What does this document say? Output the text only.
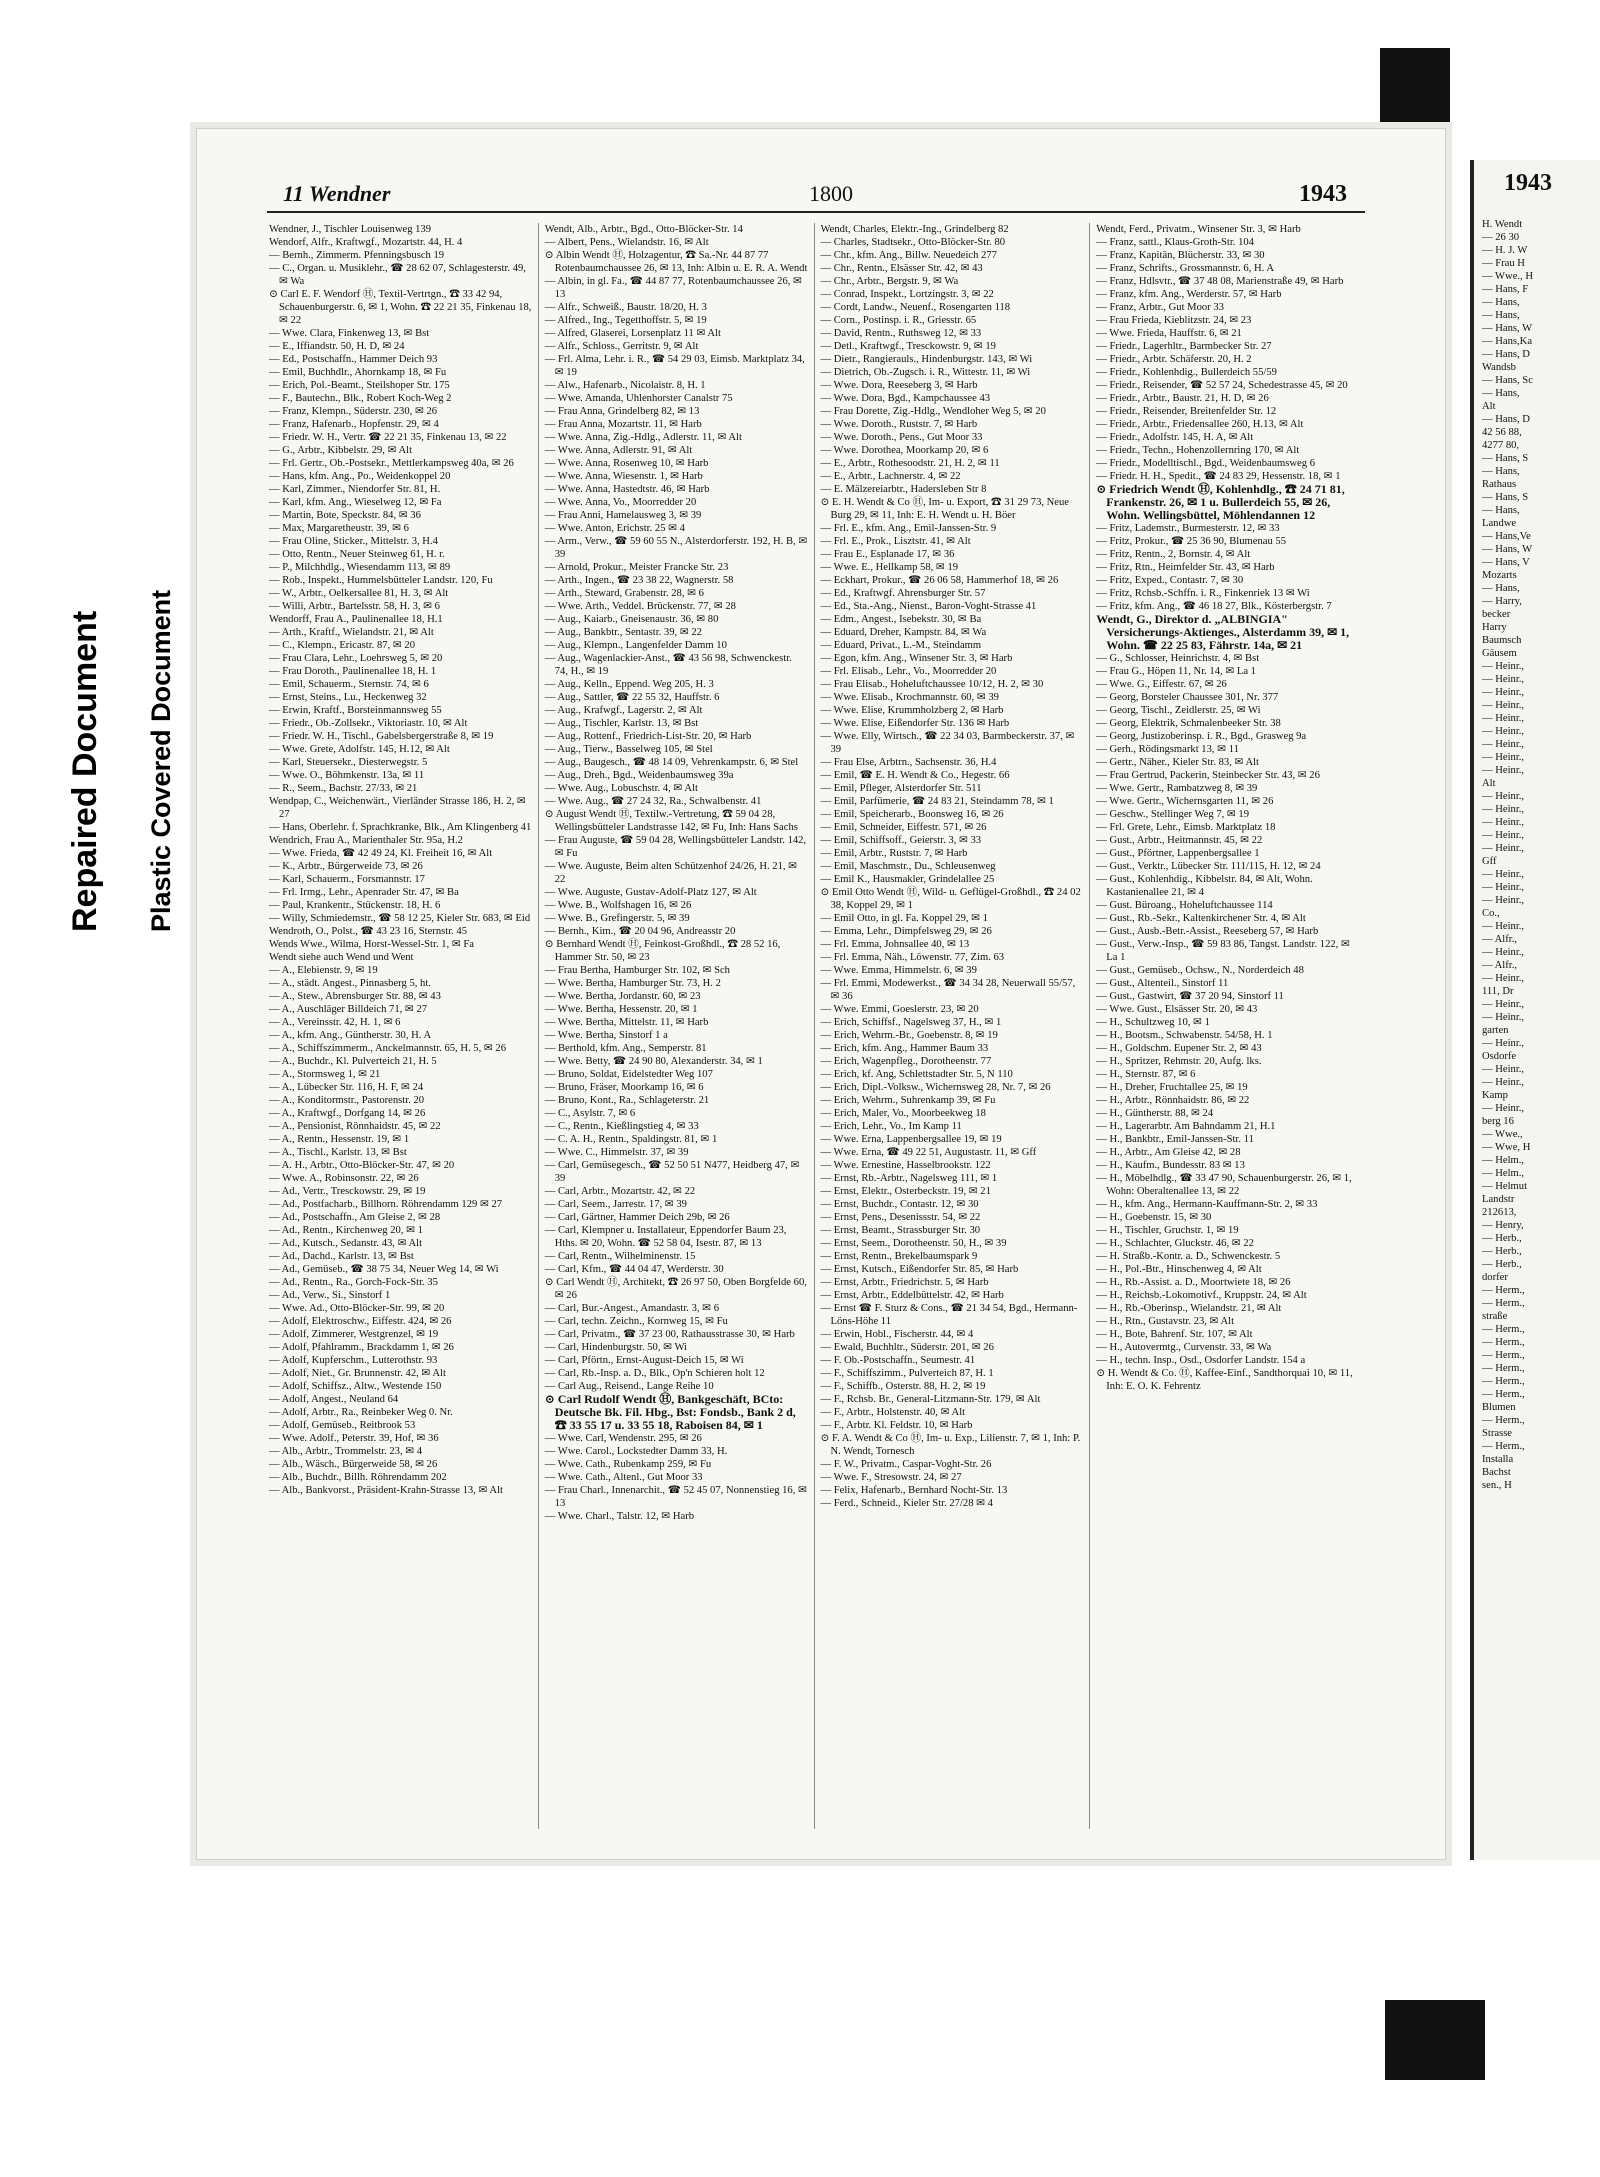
Repaired Document Plastic Covered Document
11 Wendner	1800	1943
Wendner, J., Tischler Louisenweg 139
Wendorf, Alfr., Kraftwgf., Mozartstr. 44, H. 4
— Bernh., Zimmerm. Pfenningsbusch 19
— C., Organ. u. Musiklehr., ☎ 28 62 07, Schlagesterstr. 49, ✉ Wa
⊙ Carl E. F. Wendorf Ⓗ, Textil-Vertrtgn., ☎ 33 42 94, Schauenburgerstr. 6, ✉ 1, Wohn. ☎ 22 21 35, Finkenau 18, ✉ 22
— Wwe. Clara, Finkenweg 13, ✉ Bst
— E., Iffiandstr. 50, H. D, ✉ 24
— Ed., Postschaffn., Hammer Deich 93
— Emil, Buchhdlr., Ahornkamp 18, ✉ Fu
— Erich, Pol.-Beamt., Steilshoper Str. 175
— F., Bautechn., Blk., Robert Koch-Weg 2
— Franz, Klempn., Süderstr. 230, ✉ 26
— Franz, Hafenarb., Hopfenstr. 29, ✉ 4
— Friedr. W. H., Vertr. ☎ 22 21 35, Finkenau 13, ✉ 22
— G., Arbtr., Kibbelstr. 29, ✉ Alt
— Frl. Gertr., Ob.-Postsekr., Mettlerkampsweg 40a, ✉ 26
— Hans, kfm. Ang., Po., Weidenkoppel 20
— Karl, Zimmer., Niendorfer Str. 81, H.
— Karl, kfm. Ang., Wieselweg 12, ✉ Fa
— Martin, Bote, Speckstr. 84, ✉ 36
— Max, Margaretheustr. 39, ✉ 6
— Frau Oline, Sticker., Mittelstr. 3, H.4
— Otto, Rentn., Neuer Steinweg 61, H. r.
— P., Milchhdlg., Wiesendamm 113, ✉ 89
— Rob., Inspekt., Hummelsbütteler Landstr. 120, Fu
— W., Arbtr., Oelkersallee 81, H. 3, ✉ Alt
— Willi, Arbtr., Bartelsstr. 58, H. 3, ✉ 6
Wendorff, Frau A., Paulinenallee 18, H.1
— Arth., Kraftf., Wielandstr. 21, ✉ Alt
— C., Klempn., Ericastr. 87, ✉ 20
— Frau Clara, Lehr., Loehrsweg 5, ✉ 20
— Frau Doroth., Paulinenallee 18, H. 1
— Emil, Schauerm., Sternstr. 74, ✉ 6
— Ernst, Steins., Lu., Heckenweg 32
— Erwin, Kraftf., Borsteinmannsweg 55
— Friedr., Ob.-Zollsekr., Viktoriastr. 10, ✉ Alt
— Friedr. W. H., Tischl., Gabelsbergerstraße 8, ✉ 19
— Wwe. Grete, Adolfstr. 145, H.12, ✉ Alt
— Karl, Steuersekr., Diesterwegstr. 5
— Wwe. O., Böhmkenstr. 13a, ✉ 11
— R., Seem., Bachstr. 27/33, ✉ 21
Wendpap, C., Weichenwärt., Vierländer Strasse 186, H. 2, ✉ 27
— Hans, Oberlehr. f. Sprachkranke, Blk., Am Klingenberg 41
Wendrich, Frau A., Marienthaler Str. 95a, H.2
— Wwe. Frieda, ☎ 42 49 24, Kl. Freiheit 16, ✉ Alt
— K., Arbtr., Bürgerweide 73, ✉ 26
— Karl, Schauerm., Forsmannstr. 17
— Frl. Irmg., Lehr., Apenrader Str. 47, ✉ Ba
— Paul, Krankentr., Stückenstr. 18, H. 6
— Willy, Schmiedemstr., ☎ 58 12 25, Kieler Str. 683, ✉ Eid
Wendroth, O., Polst., ☎ 43 23 16, Sternstr. 45
Wends Wwe., Wilma, Horst-Wessel-Str. 1, ✉ Fa
Wendt siehe auch Wend und Went
— A., Elebienstr. 9, ✉ 19
— A., städt. Angest., Pinnasberg 5, ht.
— A., Stew., Abrensburger Str. 88, ✉ 43
— A., Auschläger Billdeich 71, ✉ 27
— A., Vereinsstr. 42, H. 1, ✉ 6
— A., kfm. Ang., Güntherstr. 30, H. A
— A., Schiffszimmerm., Anckelmannstr. 65, H. 5, ✉ 26
— A., Buchdr., Kl. Pulverteich 21, H. 5
— A., Stormsweg 1, ✉ 21
— A., Lübecker Str. 116, H. F, ✉ 24
— A., Konditormstr., Pastorenstr. 20
— A., Kraftwgf., Dorfgang 14, ✉ 26
— A., Pensionist, Rönnhaidstr. 45, ✉ 22
— A., Rentn., Hessenstr. 19, ✉ 1
— A., Tischl., Karlstr. 13, ✉ Bst
— A. H., Arbtr., Otto-Blöcker-Str. 47, ✉ 20
— Wwe. A., Robinsonstr. 22, ✉ 26
— Ad., Vertr., Tresckowstr. 29, ✉ 19
— Ad., Postfacharb., Billhorn. Röhrendamm 129 ✉ 27
— Ad., Postschaffn., Am Gleise 2, ✉ 28
— Ad., Rentn., Kirchenweg 20, ✉ 1
— Ad., Kutsch., Sedanstr. 43, ✉ Alt
— Ad., Dachd., Karlstr. 13, ✉ Bst
— Ad., Gemüseb., ☎ 38 75 34, Neuer Weg 14, ✉ Wi
— Ad., Rentn., Ra., Gorch-Fock-Str. 35
— Ad., Verw., Si., Sinstorf 1
— Wwe. Ad., Otto-Blöcker-Str. 99, ✉ 20
— Adolf, Elektroschw., Eiffestr. 424, ✉ 26
— Adolf, Zimmerer, Westgrenzel, ✉ 19
— Adolf, Pfahlramm., Brackdamm 1, ✉ 26
— Adolf, Kupferschm., Lutterothstr. 93
— Adolf, Niet., Gr. Brunnenstr. 42, ✉ Alt
— Adolf, Schiffsz., Altw., Westende 150
— Adolf, Angest., Neuland 64
— Adolf, Arbtr., Ra., Reinbeker Weg 0. Nr.
— Adolf, Gemüseb., Reitbrook 53
— Wwe. Adolf., Peterstr. 39, Hof, ✉ 36
— Alb., Arbtr., Trommelstr. 23, ✉ 4
— Alb., Wäsch., Bürgerweide 58, ✉ 26
— Alb., Buchdr., Billh. Röhrendamm 202
— Alb., Bankvorst., Präsident-Krahn-Strasse 13, ✉ Alt
Wendt, Alb., Arbtr., Bgd., Otto-Blöcker-Str. 14
— Albert, Pens., Wielandstr. 16, ✉ Alt
⊙ Albin Wendt Ⓗ, Holzagentur, ☎ Sa.-Nr. 44 87 77 Rotenbaumchaussee 26, ✉ 13, Inh: Albin u. E. R. A. Wendt
— Albin, in gl. Fa., ☎ 44 87 77, Rotenbaumchaussee 26, ✉ 13
— Alfr., Schweiß., Baustr. 18/20, H. 3
— Alfred., Ing., Tegetthoffstr. 5, ✉ 19
— Alfred, Glaserei, Lorsenplatz 11 ✉ Alt
— Alfr., Schloss., Gerritstr. 9, ✉ Alt
— Frl. Alma, Lehr. i. R., ☎ 54 29 03, Eimsb. Marktplatz 34, ✉ 19
— Alw., Hafenarb., Nicolaistr. 8, H. 1
— Wwe. Amanda, Uhlenhorster Canalstr 75
— Frau Anna, Grindelberg 82, ✉ 13
— Frau Anna, Mozartstr. 11, ✉ Harb
— Wwe. Anna, Zig.-Hdlg., Adlerstr. 11, ✉ Alt
— Wwe. Anna, Adlerstr. 91, ✉ Alt
— Wwe. Anna, Rosenweg 10, ✉ Harb
— Wwe. Anna, Wiesenstr. 1, ✉ Harb
— Wwe. Anna, Hastedtstr. 46, ✉ Harb
— Wwe. Anna, Vo., Moorredder 20
— Frau Anni, Hamelausweg 3, ✉ 39
— Wwe. Anton, Erichstr. 25 ✉ 4
— Arm., Verw., ☎ 59 60 55 N., Alsterdorferstr. 192, H. B, ✉ 39
— Arnold, Prokur., Meister Francke Str. 23
— Arth., Ingen., ☎ 23 38 22, Wagnerstr. 58
— Arth., Steward, Grabenstr. 28, ✉ 6
— Wwe. Arth., Veddel. Brückenstr. 77, ✉ 28
— Aug., Kaiarb., Gneisenaustr. 36, ✉ 80
— Aug., Bankbtr., Sentastr. 39, ✉ 22
— Aug., Klempn., Langenfelder Damm 10
— Aug., Wagenlackier-Anst., ☎ 43 56 98, Schwenckestr. 74, H., ✉ 19
— Aug., Kelln., Eppend. Weg 205, H. 3
— Aug., Sattler, ☎ 22 55 32, Hauffstr. 6
— Aug., Krafwgf., Lagerstr. 2, ✉ Alt
— Aug., Tischler, Karlstr. 13, ✉ Bst
— Aug., Rottenf., Friedrich-List-Str. 20, ✉ Harb
— Aug., Tierw., Basselweg 105, ✉ Stel
— Aug., Baugesch., ☎ 48 14 09, Vehrenkampstr. 6, ✉ Stel
— Aug., Dreh., Bgd., Weidenbaumsweg 39a
— Wwe. Aug., Lobuschstr. 4, ✉ Alt
— Wwe. Aug., ☎ 27 24 32, Ra., Schwalbenstr. 41
⊙ August Wendt Ⓗ, Textilw.-Vertretung, ☎ 59 04 28, Wellingsbütteler Landstrasse 142, ✉ Fu, Inh: Hans Sachs
— Frau Auguste, ☎ 59 04 28, Wellingsbütteler Landstr. 142, ✉ Fu
— Wwe. Auguste, Beim alten Schützenhof 24/26, H. 21, ✉ 22
— Wwe. Auguste, Gustav-Adolf-Platz 127, ✉ Alt
— Wwe. B., Wolfshagen 16, ✉ 26
— Wwe. B., Grefingerstr. 5, ✉ 39
— Bernh., Kim., ☎ 20 04 96, Andreasstr 20
⊙ Bernhard Wendt Ⓗ, Feinkost-Großhdl., ☎ 28 52 16, Hammer Str. 50, ✉ 23
— Frau Bertha, Hamburger Str. 102, ✉ Sch
— Wwe. Bertha, Hamburger Str. 73, H. 2
— Wwe. Bertha, Jordanstr. 60, ✉ 23
— Wwe. Bertha, Hessenstr. 20, ✉ 1
— Wwe. Bertha, Mittelstr. 11, ✉ Harb
— Wwe. Bertha, Sinstorf 1 a
— Berthold, kfm. Ang., Semperstr. 81
— Wwe. Betty, ☎ 24 90 80, Alexanderstr. 34, ✉ 1
— Bruno, Soldat, Eidelstedter Weg 107
— Bruno, Fräser, Moorkamp 16, ✉ 6
— Bruno, Kont., Ra., Schlageterstr. 21
— C., Asylstr. 7, ✉ 6
— C., Rentn., Kießlingstieg 4, ✉ 33
— C. A. H., Rentn., Spaldingstr. 81, ✉ 1
— Wwe. C., Himmelstr. 37, ✉ 39
— Carl, Gemüsegesch., ☎ 52 50 51 N477, Heidberg 47, ✉ 39
— Carl, Arbtr., Mozartstr. 42, ✉ 22
— Carl, Seem., Jarrestr. 17, ✉ 39
— Carl, Gärtner, Hammer Deich 29b, ✉ 26
— Carl, Klempner u. Installateur, Eppendorfer Baum 23, Hths. ✉ 20, Wohn. ☎ 52 58 04, Isestr. 87, ✉ 13
— Carl, Rentn., Wilhelminenstr. 15
— Carl, Kfm., ☎ 44 04 47, Werderstr. 30
⊙ Carl Wendt Ⓗ, Architekt, ☎ 26 97 50, Oben Borgfelde 60, ✉ 26
— Carl, Bur.-Angest., Amandastr. 3, ✉ 6
— Carl, techn. Zeichn., Kornweg 15, ✉ Fu
— Carl, Privatm., ☎ 37 23 00, Rathausstrasse 30, ✉ Harb
— Carl, Hindenburgstr. 50, ✉ Wi
— Carl, Pförtn., Ernst-August-Deich 15, ✉ Wi
— Carl, Rb.-Insp. a. D., Blk., Op'n Schieren holt 12
— Carl Aug., Reisend., Lange Reihe 10
⊙ Carl Rudolf Wendt Ⓗ, Bankgeschäft, BCto: Deutsche Bk. Fil. Hbg., Bst: Fondsb., Bank 2 d, ☎ 33 55 17 u. 33 55 18, Raboisen 84, ✉ 1
— Wwe. Carl, Wendenstr. 295, ✉ 26
— Wwe. Carol., Lockstedter Damm 33, H.
— Wwe. Cath., Rubenkamp 259, ✉ Fu
— Wwe. Cath., Altenl., Gut Moor 33
— Frau Charl., Innenarchit., ☎ 52 45 07, Nonnenstieg 16, ✉ 13
— Wwe. Charl., Talstr. 12, ✉ Harb
Wendt, Charles, Elektr.-Ing., Grindelberg 82
— Charles, Stadtsekr., Otto-Blöcker-Str. 80
— Chr., kfm. Ang., Billw. Neuedeich 277
— Chr., Rentn., Elsässer Str. 42, ✉ 43
— Chr., Arbtr., Bergstr. 9, ✉ Wa
— Conrad, Inspekt., Lortzingstr. 3, ✉ 22
— Cordt, Landw., Neuenf., Rosengarten 118
— Corn., Postinsp. i. R., Griesstr. 65
— David, Rentn., Ruthsweg 12, ✉ 33
— Detl., Kraftwgf., Tresckowstr. 9, ✉ 19
— Dietr., Rangierauls., Hindenburgstr. 143, ✉ Wi
— Dietrich, Ob.-Zugsch. i. R., Wittestr. 11, ✉ Wi
— Wwe. Dora, Reeseberg 3, ✉ Harb
— Wwe. Dora, Bgd., Kampchaussee 43
— Frau Dorette, Zig.-Hdlg., Wendloher Weg 5, ✉ 20
— Wwe. Doroth., Ruststr. 7, ✉ Harb
— Wwe. Doroth., Pens., Gut Moor 33
— Wwe. Dorothea, Moorkamp 20, ✉ 6
— E., Arbtr., Rothesoodstr. 21, H. 2, ✉ 11
— E., Arbtr., Lachnerstr. 4, ✉ 22
— E. Mälzereiarbtr., Hadersleben Str 8
⊙ E. H. Wendt & Co Ⓗ, Im- u. Export, ☎ 31 29 73, Neue Burg 29, ✉ 11, Inh: E. H. Wendt u. H. Böer
— Frl. E., kfm. Ang., Emil-Janssen-Str. 9
— Frl. E., Prok., Lisztstr. 41, ✉ Alt
— Frau E., Esplanade 17, ✉ 36
— Wwe. E., Hellkamp 58, ✉ 19
— Eckhart, Prokur., ☎ 26 06 58, Hammerhof 18, ✉ 26
— Ed., Kraftwgf. Ahrensburger Str. 57
— Ed., Sta.-Ang., Nienst., Baron-Voght-Strasse 41
— Edm., Angest., Isebekstr. 30, ✉ Ba
— Eduard, Dreher, Kampstr. 84, ✉ Wa
— Eduard, Privat., L.-M., Steindamm
— Egon, kfm. Ang., Winsener Str. 3, ✉ Harb
— Frl. Elisab., Lehr., Vo., Moorredder 20
— Frau Elisab., Hoheluftchaussee 10/12, H. 2, ✉ 30
— Wwe. Elisab., Krochmannstr. 60, ✉ 39
— Wwe. Elise, Krummholzberg 2, ✉ Harb
— Wwe. Elise, Eißendorfer Str. 136 ✉ Harb
— Wwe. Elly, Wirtsch., ☎ 22 34 03, Barmbeckerstr. 37, ✉ 39
— Frau Else, Arbtrn., Sachsenstr. 36, H.4
— Emil, ☎ E. H. Wendt & Co., Hegestr. 66
— Emil, Pfleger, Alsterdorfer Str. 511
— Emil, Parfümerie, ☎ 24 83 21, Steindamm 78, ✉ 1
— Emil, Speicherarb., Boonsweg 16, ✉ 26
— Emil, Schneider, Eiffestr. 571, ✉ 26
— Emil, Schiffsoff., Geierstr. 3, ✉ 33
— Emil, Arbtr., Ruststr. 7, ✉ Harb
— Emil, Maschmstr., Du., Schleusenweg
— Emil K., Hausmakler, Grindelallee 25
⊙ Emil Otto Wendt Ⓗ, Wild- u. Geflügel-Großhdl., ☎ 24 02 38, Koppel 29, ✉ 1
— Emil Otto, in gl. Fa. Koppel 29, ✉ 1
— Emma, Lehr., Dimpfelsweg 29, ✉ 26
— Frl. Emma, Johnsallee 40, ✉ 13
— Frl. Emma, Näh., Löwenstr. 77, Zim. 63
— Wwe. Emma, Himmelstr. 6, ✉ 39
— Frl. Emmi, Modewerkst., ☎ 34 34 28, Neuerwall 55/57, ✉ 36
— Wwe. Emmi, Goeslerstr. 23, ✉ 20
— Erich, Schiffsf., Nagelsweg 37, H., ✉ 1
— Erich, Wehrm.-Br., Goebenstr. 8, ✉ 19
— Erich, kfm. Ang., Hammer Baum 33
— Erich, Wagenpfleg., Dorotheenstr. 77
— Erich, kf. Ang, Schlettstadter Str. 5, N 110
— Erich, Dipl.-Volksw., Wichernsweg 28, Nr. 7, ✉ 26
— Erich, Wehrm., Suhrenkamp 39, ✉ Fu
— Erich, Maler, Vo., Moorbeekweg 18
— Erich, Lehr., Vo., Im Kamp 11
— Wwe. Erna, Lappenbergsallee 19, ✉ 19
— Wwe. Erna, ☎ 49 22 51, Augustastr. 11, ✉ Gff
— Wwe. Ernestine, Hasselbrookstr. 122
— Ernst, Rb.-Arbtr., Nagelsweg 111, ✉ 1
— Ernst, Elektr., Osterbeckstr. 19, ✉ 21
— Ernst, Buchdr., Contastr. 12, ✉ 30
— Ernst, Pens., Desenissstr. 54, ✉ 22
— Ernst, Beamt., Strassburger Str. 30
— Ernst, Seem., Dorotheenstr. 50, H., ✉ 39
— Ernst, Rentn., Brekelbaumspark 9
— Ernst, Kutsch., Eißendorfer Str. 85, ✉ Harb
— Ernst, Arbtr., Friedrichstr. 5, ✉ Harb
— Ernst, Arbtr., Eddelbüttelstr. 42, ✉ Harb
— Ernst ☎ F. Sturz & Cons., ☎ 21 34 54, Bgd., Hermann-Löns-Höhe 11
— Erwin, Hobl., Fischerstr. 44, ✉ 4
— Ewald, Buchhltr., Süderstr. 201, ✉ 26
— F. Ob.-Postschaffn., Seumestr. 41
— F., Schiffszimm., Pulverteich 87, H. 1
— F., Schiffb., Osterstr. 88, H. 2, ✉ 19
— F., Rchsb. Br., General-Litzmann-Str. 179, ✉ Alt
— F., Arbtr., Holstenstr. 40, ✉ Alt
— F., Arbtr. Kl. Feldstr. 10, ✉ Harb
⊙ F. A. Wendt & Co Ⓗ, Im- u. Exp., Lilienstr. 7, ✉ 1, Inh: P. N. Wendt, Tornesch
— F. W., Privatm., Caspar-Voght-Str. 26
— Wwe. F., Stresowstr. 24, ✉ 27
— Felix, Hafenarb., Bernhard Nocht-Str. 13
— Ferd., Schneid., Kieler Str. 27/28 ✉ 4
Wendt, Ferd., Privatm., Winsener Str. 3, ✉ Harb
— Franz, sattl., Klaus-Groth-Str. 104
— Franz, Kapitän, Blücherstr. 33, ✉ 30
— Franz, Schrifts., Grossmannstr. 6, H. A
— Franz, Hdlsvtr., ☎ 37 48 08, Marienstraße 49, ✉ Harb
— Franz, kfm. Ang., Werderstr. 57, ✉ Harb
— Franz, Arbtr., Gut Moor 33
— Frau Frieda, Kieblitzstr. 24, ✉ 23
— Wwe. Frieda, Hauffstr. 6, ✉ 21
— Friedr., Lagerhltr., Barmbecker Str. 27
— Friedr., Arbtr. Schäferstr. 20, H. 2
— Friedr., Kohlenhdig., Bullerdeich 55/59
— Friedr., Reisender, ☎ 52 57 24, Schedestrasse 45, ✉ 20
— Friedr., Arbtr., Baustr. 21, H. D, ✉ 26
— Friedr., Reisender, Breitenfelder Str. 12
— Friedr., Arbtr., Friedensallee 260, H.13, ✉ Alt
— Friedr., Adolfstr. 145, H. A, ✉ Alt
— Friedr., Techn., Hohenzollernring 170, ✉ Alt
— Friedr., Modelltischl., Bgd., Weidenbaumsweg 6
— Friedr. H. H., Spedit., ☎ 24 83 29, Hessenstr. 18, ✉ 1
⊙ Friedrich Wendt Ⓗ, Kohlenhdlg., ☎ 24 71 81, Frankenstr. 26, ✉ 1 u. Bullerdeich 55, ✉ 26, Wohn. Wellingsbüttel, Möhlendannen 12
— Fritz, Lademstr., Burmesterstr. 12, ✉ 33
— Fritz, Prokur., ☎ 25 36 90, Blumenau 55
— Fritz, Rentn., 2, Bornstr. 4, ✉ Alt
— Fritz, Rtn., Heimfelder Str. 43, ✉ Harb
— Fritz, Exped., Contastr. 7, ✉ 30
— Fritz, Rchsb.-Schffn. i. R., Finkenriek 13 ✉ Wi
— Fritz, kfm. Ang., ☎ 46 18 27, Blk., Kösterbergstr. 7
Wendt, G., Direktor d. „ALBINGIA" Versicherungs-Aktienges., Alsterdamm 39, ✉ 1, Wohn. ☎ 22 25 83, Fährstr. 14a, ✉ 21
— G., Schlosser, Heinrichstr. 4, ✉ Bst
— Frau G., Höpen 11, Nr. 14, ✉ La 1
— Wwe. G., Eiffestr. 67, ✉ 26
— Georg, Borsteler Chaussee 301, Nr. 377
— Georg, Tischl., Zeidlerstr. 25, ✉ Wi
— Georg, Elektrik, Schmalenbeeker Str. 38
— Georg, Justizoberinsp. i. R., Bgd., Grasweg 9a
— Gerh., Rödingsmarkt 13, ✉ 11
— Gertr., Näher., Kieler Str. 83, ✉ Alt
— Frau Gertrud, Packerin, Steinbecker Str. 43, ✉ 26
— Wwe. Gertr., Rambatzweg 8, ✉ 39
— Wwe. Gertr., Wichernsgarten 11, ✉ 26
— Geschw., Stellinger Weg 7, ✉ 19
— Frl. Grete, Lehr., Eimsb. Marktplatz 18
— Gust., Arbtr., Heitmannstr. 45, ✉ 22
— Gust., Pförtner, Lappenbergsallee 1
— Gust., Verktr., Lübecker Str. 111/115, H. 12, ✉ 24
— Gust., Kohlenhdig., Kibbelstr. 84, ✉ Alt, Wohn. Kastanienallee 21, ✉ 4
— Gust. Büroang., Hoheluftchaussee 114
— Gust., Rb.-Sekr., Kaltenkirchener Str. 4, ✉ Alt
— Gust., Ausb.-Betr.-Assist., Reeseberg 57, ✉ Harb
— Gust., Verw.-Insp., ☎ 59 83 86, Tangst. Landstr. 122, ✉ La 1
— Gust., Gemüseb., Ochsw., N., Norderdeich 48
— Gust., Altenteil., Sinstorf 11
— Gust., Gastwirt, ☎ 37 20 94, Sinstorf 11
— Wwe. Gust., Elsässer Str. 20, ✉ 43
— H., Schultzweg 10, ✉ 1
— H., Bootsm., Schwabenstr. 54/58, H. 1
— H., Goldschm. Eupener Str. 2, ✉ 43
— H., Spritzer, Rehmstr. 20, Aufg. lks.
— H., Sternstr. 87, ✉ 6
— H., Dreher, Fruchtallee 25, ✉ 19
— H., Arbtr., Rönnhaidstr. 86, ✉ 22
— H., Güntherstr. 88, ✉ 24
— H., Lagerarbtr. Am Bahndamm 21, H.1
— H., Bankbtr., Emil-Janssen-Str. 11
— H., Arbtr., Am Gleise 42, ✉ 28
— H., Kaufm., Bundesstr. 83 ✉ 13
— H., Möbelhdlg., ☎ 33 47 90, Schauenburgerstr. 26, ✉ 1, Wohn: Oberaltenallee 13, ✉ 22
— H., kfm. Ang., Hermann-Kauffmann-Str. 2, ✉ 33
— H., Goebenstr. 15, ✉ 30
— H., Tischler, Gruchstr. 1, ✉ 19
— H., Schlachter, Gluckstr. 46, ✉ 22
— H. Straßb.-Kontr. a. D., Schwenckestr. 5
— H., Pol.-Btr., Hinschenweg 4, ✉ Alt
— H., Rb.-Assist. a. D., Moortwiete 18, ✉ 26
— H., Reichsb.-Lokomotivf., Kruppstr. 24, ✉ Alt
— H., Rb.-Oberinsp., Wielandstr. 21, ✉ Alt
— H., Rtn., Gustavstr. 23, ✉ Alt
— H., Bote, Bahrenf. Str. 107, ✉ Alt
— H., Autovermtg., Curvenstr. 33, ✉ Wa
— H., techn. Insp., Osd., Osdorfer Landstr. 154 a
⊙ H. Wendt & Co. Ⓗ, Kaffee-Einf., Sandthorquai 10, ✉ 11, Inh: E. O. K. Fehrentz
1943
H. Wendt
— 26 30
— H. J. W
— Frau H
— Wwe., H
— Hans, F
— Hans,
— Hans,
— Hans, W
— Hans,Ka
— Hans, D
Wandsb
— Hans, Sc
— Hans,
Alt
— Hans, D
42 56 88,
4277 80,
— Hans, S
— Hans,
Rathaus
— Hans, S
— Hans,
Landwe
— Hans,Ve
— Hans, W
— Hans, V
Mozarts
— Hans,
— Harry,
becker
Harry
Baumsch
Gäusem
— Heinr.,
— Heinr.,
— Heinr.,
— Heinr.,
— Heinr.,
— Heinr.,
— Heinr.,
— Heinr.,
— Heinr.,
Alt
— Heinr.,
— Heinr.,
— Heinr.,
— Heinr.,
— Heinr.,
Gff
— Heinr.,
— Heinr.,
— Heinr.,
Co.,
— Heinr.,
— Alfr.,
— Heinr.,
— Alfr.,
— Heinr.,
111, Dr
— Heinr.,
— Heinr.,
garten
— Heinr.,
Osdorfe
— Heinr.,
— Heinr.,
Kamp
— Heinr.,
berg 16
— Wwe.,
— Wwe, H
— Helm.,
— Helm.,
— Helmut
Landstr
212613,
— Henry,
— Herb.,
— Herb.,
— Herb.,
dorfer
— Herm.,
— Herm.,
straße
— Herm.,
— Herm.,
— Herm.,
— Herm.,
— Herm.,
— Herm.,
Blumen
— Herm.,
Strasse
— Herm.,
Installa
Bachst
sen., H
